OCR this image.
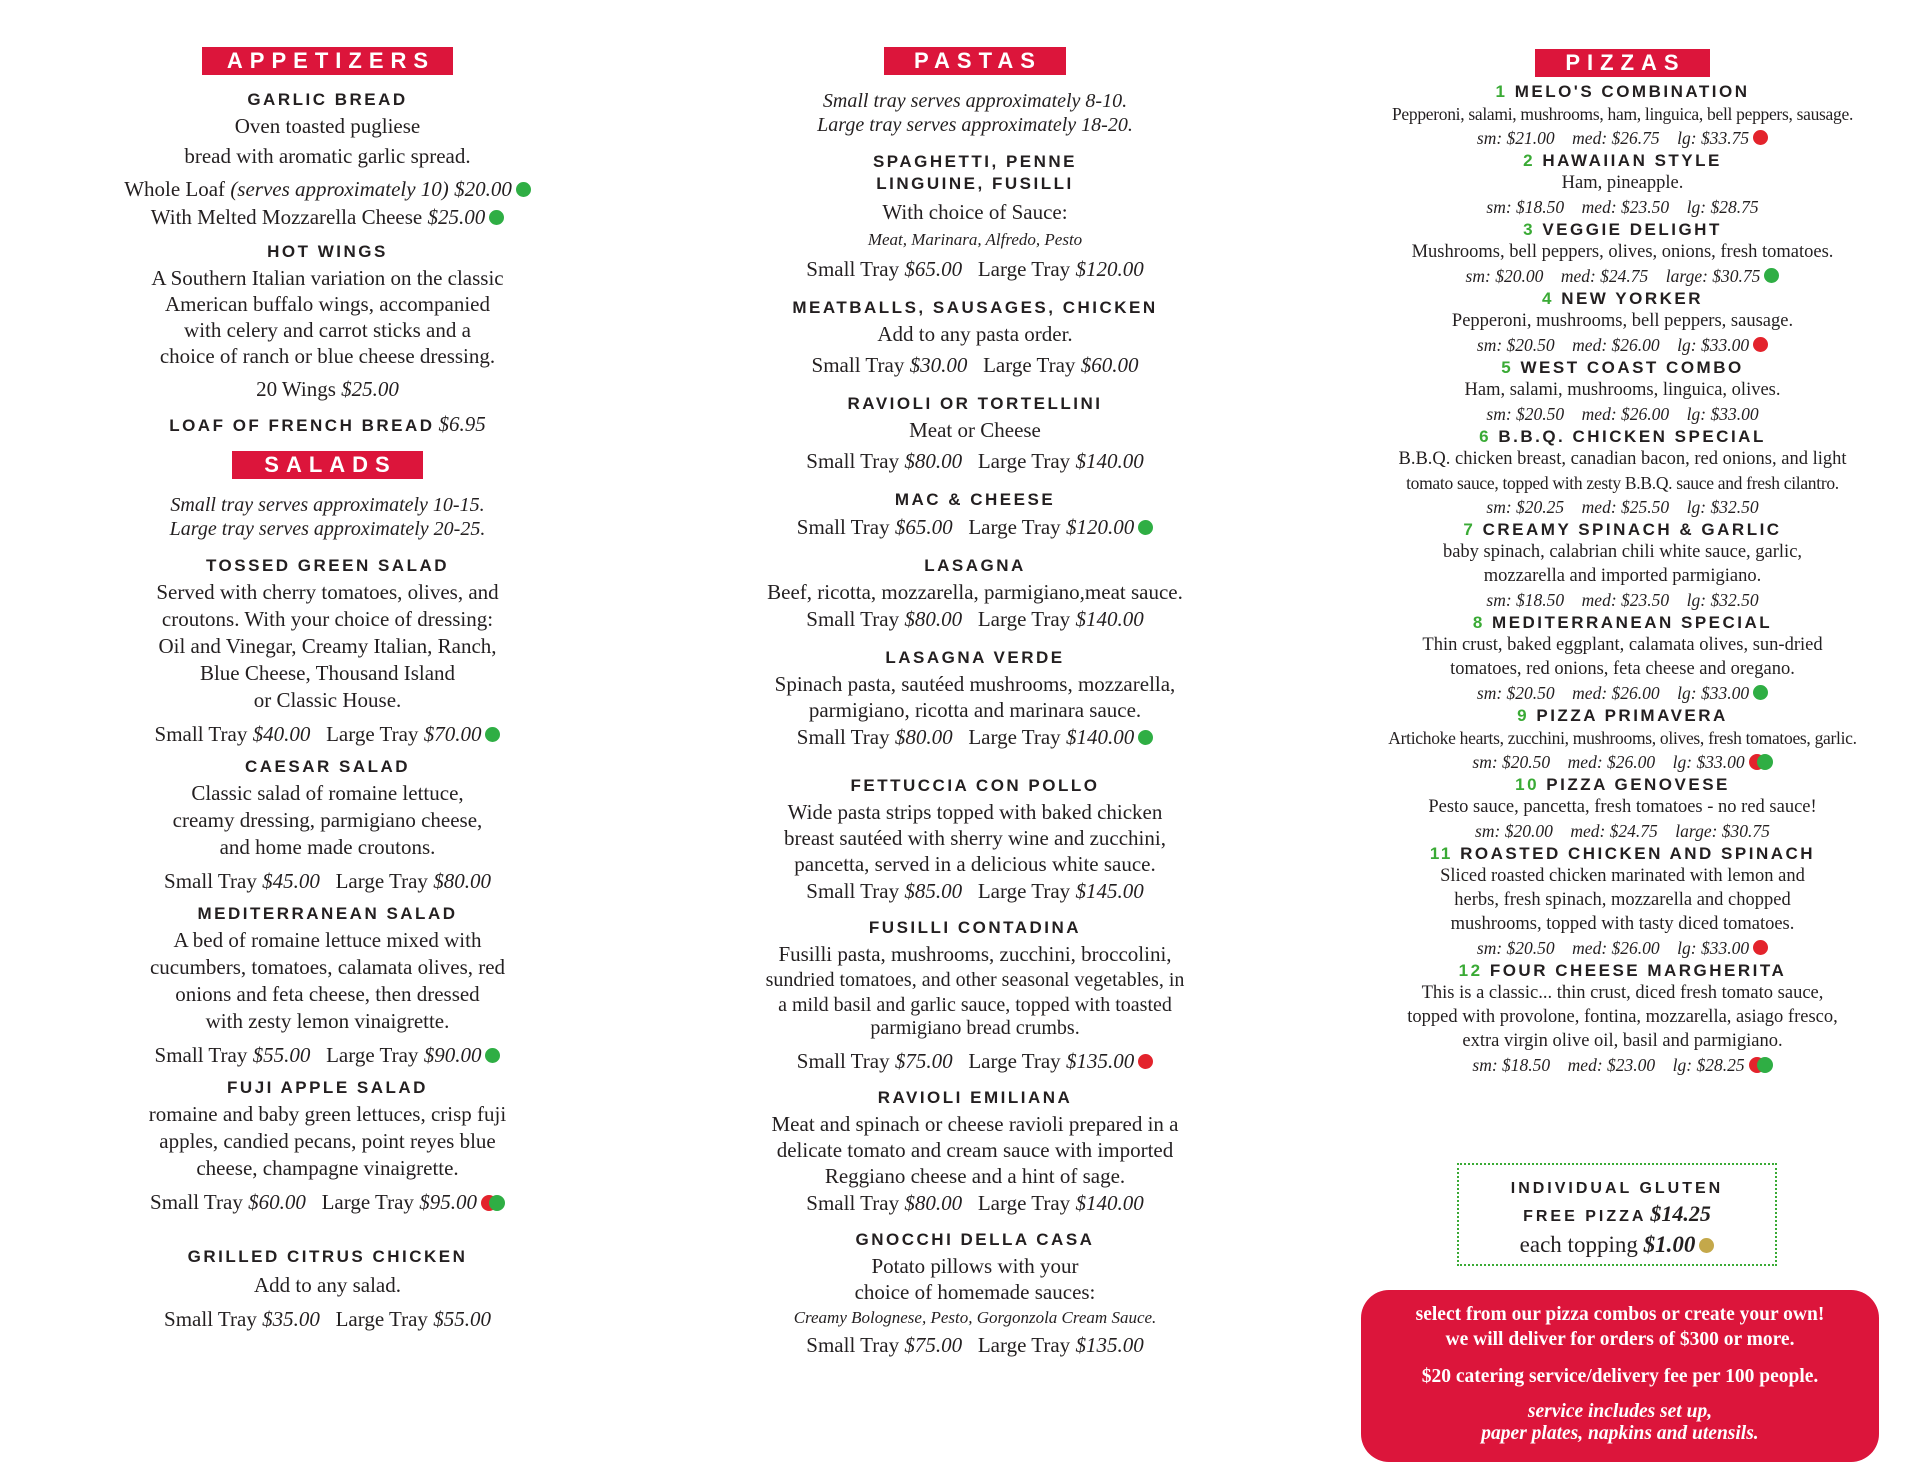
APPETIZERS
GARLIC BREAD
Oven toasted pugliese
bread with aromatic garlic spread.
Whole Loaf (serves approximately 10) $20.00
With Melted Mozzarella Cheese $25.00
HOT WINGS
A Southern Italian variation on the classic
American buffalo wings, accompanied
with celery and carrot sticks and a
choice of ranch or blue cheese dressing.
20 Wings $25.00
LOAF OF FRENCH BREAD $6.95
SALADS
Small tray serves approximately 10-15.
Large tray serves approximately 20-25.
TOSSED GREEN SALAD
Served with cherry tomatoes, olives, and
croutons. With your choice of dressing:
Oil and Vinegar, Creamy Italian, Ranch,
Blue Cheese, Thousand Island
or Classic House.
Small Tray $40.00 Large Tray $70.00
CAESAR SALAD
Classic salad of romaine lettuce,
creamy dressing, parmigiano cheese,
and home made croutons.
Small Tray $45.00 Large Tray $80.00
MEDITERRANEAN SALAD
A bed of romaine lettuce mixed with
cucumbers, tomatoes, calamata olives, red
onions and feta cheese, then dressed
with zesty lemon vinaigrette.
Small Tray $55.00 Large Tray $90.00
FUJI APPLE SALAD
romaine and baby green lettuces, crisp fuji
apples, candied pecans, point reyes blue
cheese, champagne vinaigrette.
Small Tray $60.00 Large Tray $95.00
GRILLED CITRUS CHICKEN
Add to any salad.
Small Tray $35.00 Large Tray $55.00
PASTAS
Small tray serves approximately 8-10.
Large tray serves approximately 18-20.
SPAGHETTI, PENNE
LINGUINE, FUSILLI
With choice of Sauce:
Meat, Marinara, Alfredo, Pesto
Small Tray $65.00 Large Tray $120.00
MEATBALLS, SAUSAGES, CHICKEN
Add to any pasta order.
Small Tray $30.00 Large Tray $60.00
RAVIOLI OR TORTELLINI
Meat or Cheese
Small Tray $80.00 Large Tray $140.00
MAC & CHEESE
Small Tray $65.00 Large Tray $120.00
LASAGNA
Beef, ricotta, mozzarella, parmigiano,meat sauce.
Small Tray $80.00 Large Tray $140.00
LASAGNA VERDE
Spinach pasta, sautéed mushrooms, mozzarella,
parmigiano, ricotta and marinara sauce.
Small Tray $80.00 Large Tray $140.00
FETTUCCIA CON POLLO
Wide pasta strips topped with baked chicken
breast sautéed with sherry wine and zucchini,
pancetta, served in a delicious white sauce.
Small Tray $85.00 Large Tray $145.00
FUSILLI CONTADINA
Fusilli pasta, mushrooms, zucchini, broccolini,
sundried tomatoes, and other seasonal vegetables, in
a mild basil and garlic sauce, topped with toasted
parmigiano bread crumbs.
Small Tray $75.00 Large Tray $135.00
RAVIOLI EMILIANA
Meat and spinach or cheese ravioli prepared in a
delicate tomato and cream sauce with imported
Reggiano cheese and a hint of sage.
Small Tray $80.00 Large Tray $140.00
GNOCCHI DELLA CASA
Potato pillows with your
choice of homemade sauces:
Creamy Bolognese, Pesto, Gorgonzola Cream Sauce.
Small Tray $75.00 Large Tray $135.00
PIZZAS
1 MELO'S COMBINATION
Pepperoni, salami, mushrooms, ham, linguica, bell peppers, sausage.
sm: $21.00    med: $26.75    lg: $33.75
2 HAWAIIAN STYLE
Ham, pineapple.
sm: $18.50    med: $23.50    lg: $28.75
3 VEGGIE DELIGHT
Mushrooms, bell peppers, olives, onions, fresh tomatoes.
sm: $20.00    med: $24.75    large: $30.75
4 NEW YORKER
Pepperoni, mushrooms, bell peppers, sausage.
sm: $20.50    med: $26.00    lg: $33.00
5 WEST COAST COMBO
Ham, salami, mushrooms, linguica, olives.
sm: $20.50    med: $26.00    lg: $33.00
6 B.B.Q. CHICKEN SPECIAL
B.B.Q. chicken breast, canadian bacon, red onions, and light
tomato sauce, topped with zesty B.B.Q. sauce and fresh cilantro.
sm: $20.25    med: $25.50    lg: $32.50
7 CREAMY SPINACH & GARLIC
baby spinach, calabrian chili white sauce, garlic,
mozzarella and imported parmigiano.
sm: $18.50    med: $23.50    lg: $32.50
8 MEDITERRANEAN SPECIAL
Thin crust, baked eggplant, calamata olives, sun-dried
tomatoes, red onions, feta cheese and oregano.
sm: $20.50    med: $26.00    lg: $33.00
9 PIZZA PRIMAVERA
Artichoke hearts, zucchini, mushrooms, olives, fresh tomatoes, garlic.
sm: $20.50    med: $26.00    lg: $33.00
10 PIZZA GENOVESE
Pesto sauce, pancetta, fresh tomatoes - no red sauce!
sm: $20.00    med: $24.75    large: $30.75
11 ROASTED CHICKEN AND SPINACH
Sliced roasted chicken marinated with lemon and
herbs, fresh spinach, mozzarella and chopped
mushrooms, topped with tasty diced tomatoes.
sm: $20.50    med: $26.00    lg: $33.00
12 FOUR CHEESE MARGHERITA
This is a classic... thin crust, diced fresh tomato sauce,
topped with provolone, fontina, mozzarella, asiago fresco,
extra virgin olive oil, basil and parmigiano.
sm: $18.50    med: $23.00    lg: $28.25
INDIVIDUAL GLUTEN
FREE PIZZA $14.25
each topping $1.00
select from our pizza combos or create your own!
we will deliver for orders of $300 or more.
$20 catering service/delivery fee per 100 people.
service includes set up,
paper plates, napkins and utensils.
